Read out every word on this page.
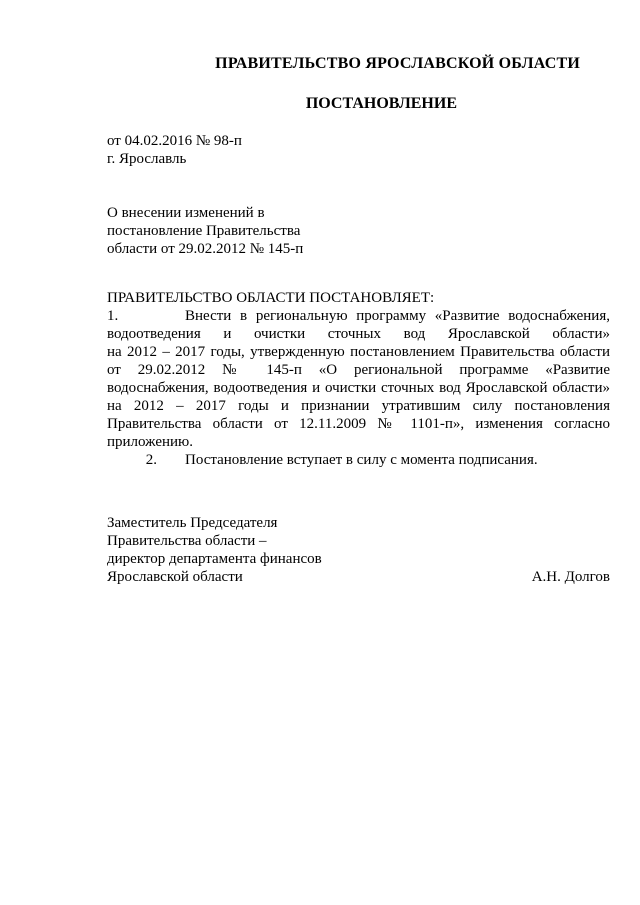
ПРАВИТЕЛЬСТВО ЯРОСЛАВСКОЙ ОБЛАСТИ
ПОСТАНОВЛЕНИЕ
от 04.02.2016 № 98-п
г. Ярославль
О внесении изменений в
постановление Правительства
области от 29.02.2012 № 145-п
ПРАВИТЕЛЬСТВО ОБЛАСТИ ПОСТАНОВЛЯЕТ:
1.	Внести в региональную программу «Развитие водоснабжения,
водоотведения и очистки сточных вод Ярославской области»
на 2012 – 2017 годы, утвержденную постановлением Правительства области
от 29.02.2012 № 145-п «О региональной программе «Развитие
водоснабжения, водоотведения и очистки сточных вод Ярославской области»
на 2012 – 2017 годы и признании утратившим силу постановления
Правительства области от 12.11.2009 № 1101-п», изменения согласно
приложению.
2. Постановление вступает в силу с момента подписания.
Заместитель Председателя
Правительства области –
директор департамента финансов
Ярославской области	А.Н. Долгов
